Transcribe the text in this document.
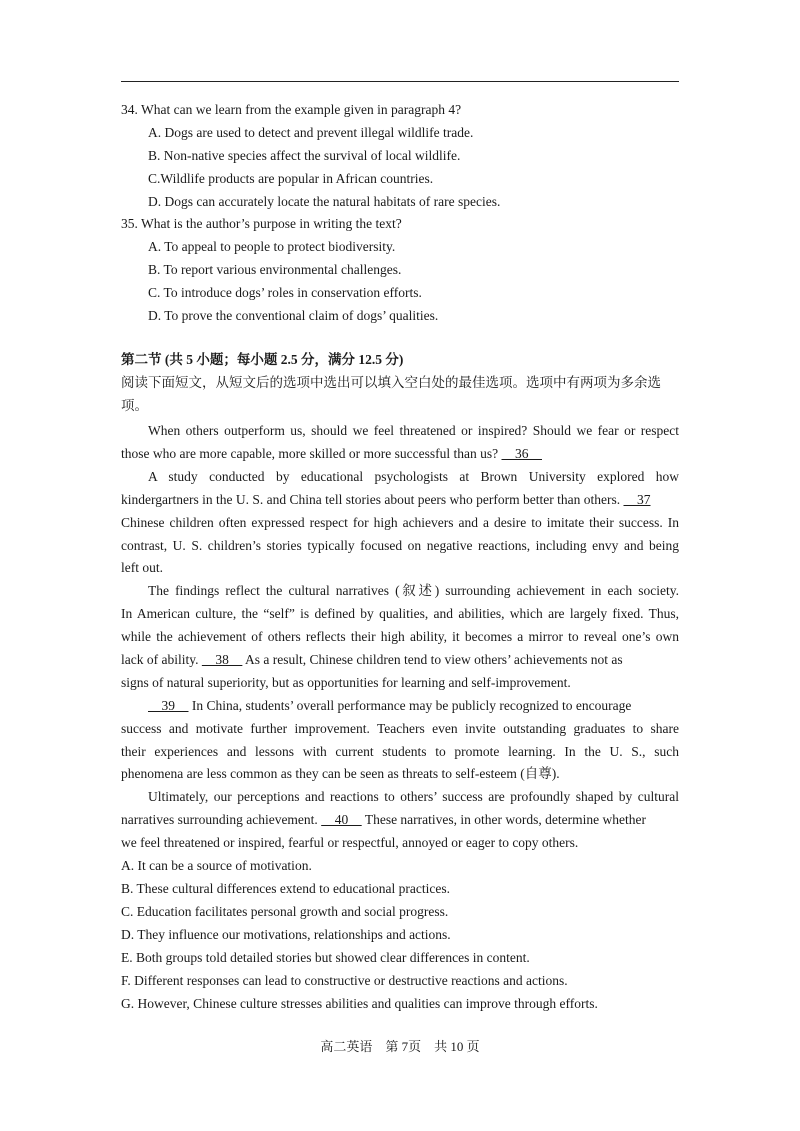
34. What can we learn from the example given in paragraph 4?
A. Dogs are used to detect and prevent illegal wildlife trade.
B. Non-native species affect the survival of local wildlife.
C.Wildlife products are popular in African countries.
D. Dogs can accurately locate the natural habitats of rare species.
35. What is the author’s purpose in writing the text?
A. To appeal to people to protect biodiversity.
B. To report various environmental challenges.
C. To introduce dogs’ roles in conservation efforts.
D. To prove the conventional claim of dogs’ qualities.
第二节 (共 5 小题；每小题 2.5 分，满分 12.5 分)
阅读下面短文，从短文后的选项中选出可以填入空白处的最佳选项。选项中有两项为多余选
项。
When others outperform us, should we feel threatened or inspired? Should we fear or respect
those who are more capable, more skilled or more successful than us?   36  
A study conducted by educational psychologists at Brown University explored how
kindergartners in the U. S. and China tell stories about peers who perform better than others.   37
Chinese children often expressed respect for high achievers and a desire to imitate their success. In
contrast, U. S. children’s stories typically focused on negative reactions, including envy and being
left out.
The findings reflect the cultural narratives (叙述) surrounding achievement in each society.
In American culture, the “self” is defined by qualities, and abilities, which are largely fixed. Thus,
while the achievement of others reflects their high ability, it becomes a mirror to reveal one’s own
lack of ability.   38   As a result, Chinese children tend to view others’ achievements not as
signs of natural superiority, but as opportunities for learning and self-improvement.
  39   In China, students’ overall performance may be publicly recognized to encourage
success and motivate further improvement. Teachers even invite outstanding graduates to share
their experiences and lessons with current students to promote learning. In the U. S., such
phenomena are less common as they can be seen as threats to self-esteem (自尊).
Ultimately, our perceptions and reactions to others’ success are profoundly shaped by cultural
narratives surrounding achievement.   40   These narratives, in other words, determine whether
we feel threatened or inspired, fearful or respectful, annoyed or eager to copy others.
A. It can be a source of motivation.
B. These cultural differences extend to educational practices.
C. Education facilitates personal growth and social progress.
D. They influence our motivations, relationships and actions.
E. Both groups told detailed stories but showed clear differences in content.
F. Different responses can lead to constructive or destructive reactions and actions.
G. However, Chinese culture stresses abilities and qualities can improve through efforts.
高二英语　第 7页　共 10 页
